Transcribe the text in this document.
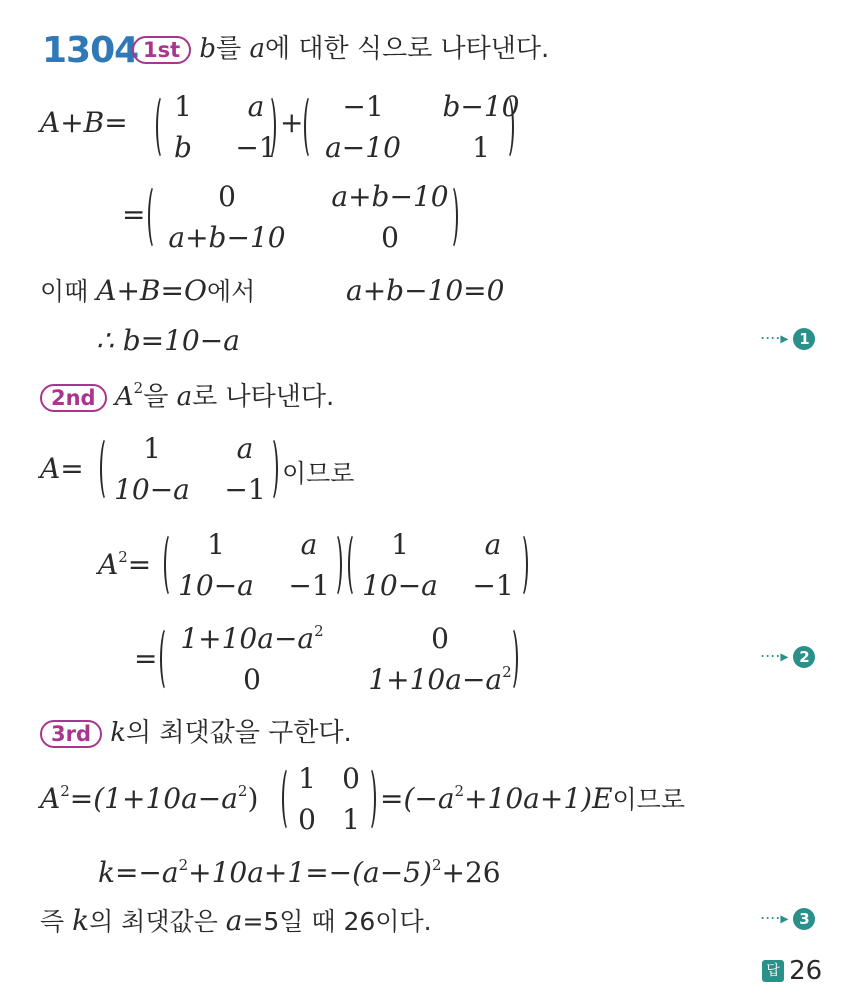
1304 1st b를 a에 대한 식으로 나타낸다.
A+B= 1	a
b	−1
+	−1	b−10
a−10	1
=
0	a+b−10
a+b−10	0
이때 A+B=O에서	a+b−10=0
∴ b=10−a	····▸ 1
2nd $A^2$을 a로 나타낸다.
A=
1	a
10−a −1 이므로
$A^2=$
1	a
10−a −1
1	a
10−a −1
=
$1+10a-a^2$	0
0	$1+10a-a^2$
····▸ 2
3rd k의 최댓값을 구한다.
$A^2=(1+10a-a^2)$
1 0
0 1
$=(-a^2+10a+1)E$이므로
$k=-a^2+10a+1=-(a-5)^2+26$
즉 k의 최댓값은 a=5일 때 26이다.	····▸ 3
답 26
